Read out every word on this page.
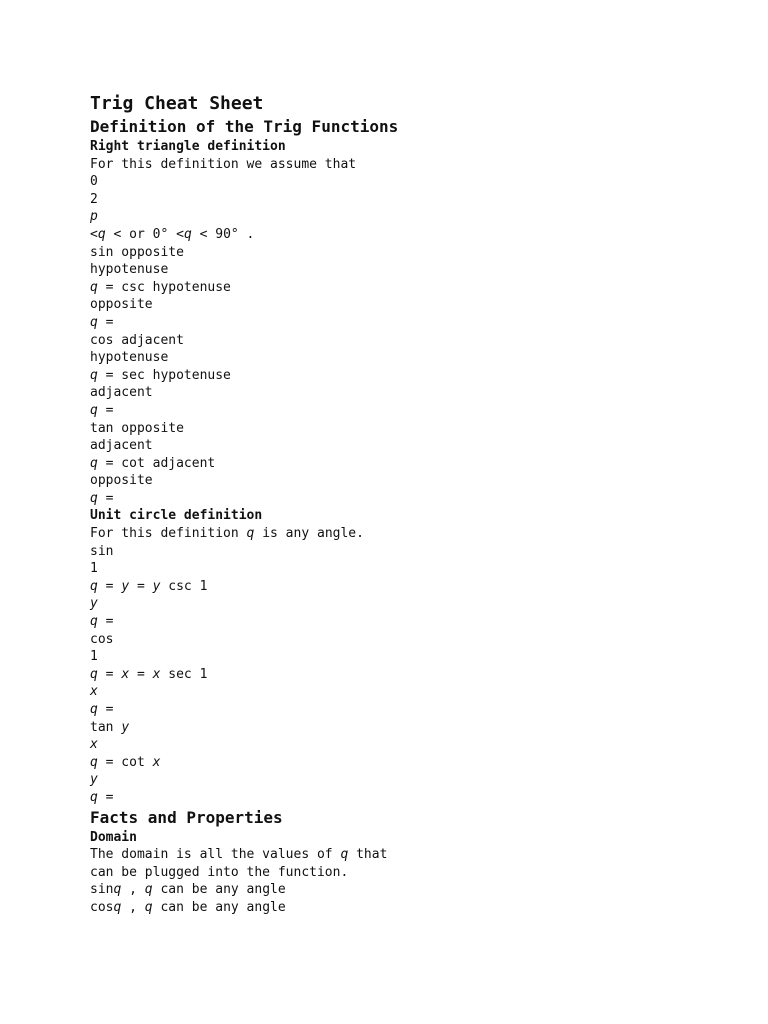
Trig Cheat Sheet
Definition of the Trig Functions
Right triangle definition
For this definition we assume that
0
2
p
<q < or 0° <q < 90° .
sin opposite
hypotenuse
q = csc hypotenuse
opposite
q =
cos adjacent
hypotenuse
q = sec hypotenuse
adjacent
q =
tan opposite
adjacent
q = cot adjacent
opposite
q =
Unit circle definition
For this definition q is any angle.
sin
1
q = y = y csc 1
y
q =
cos
1
q = x = x sec 1
x
q =
tan y
x
q = cot x
y
q =
Facts and Properties
Domain
The domain is all the values of q that
can be plugged into the function.
sinq , q can be any angle
cosq , q can be any angle
